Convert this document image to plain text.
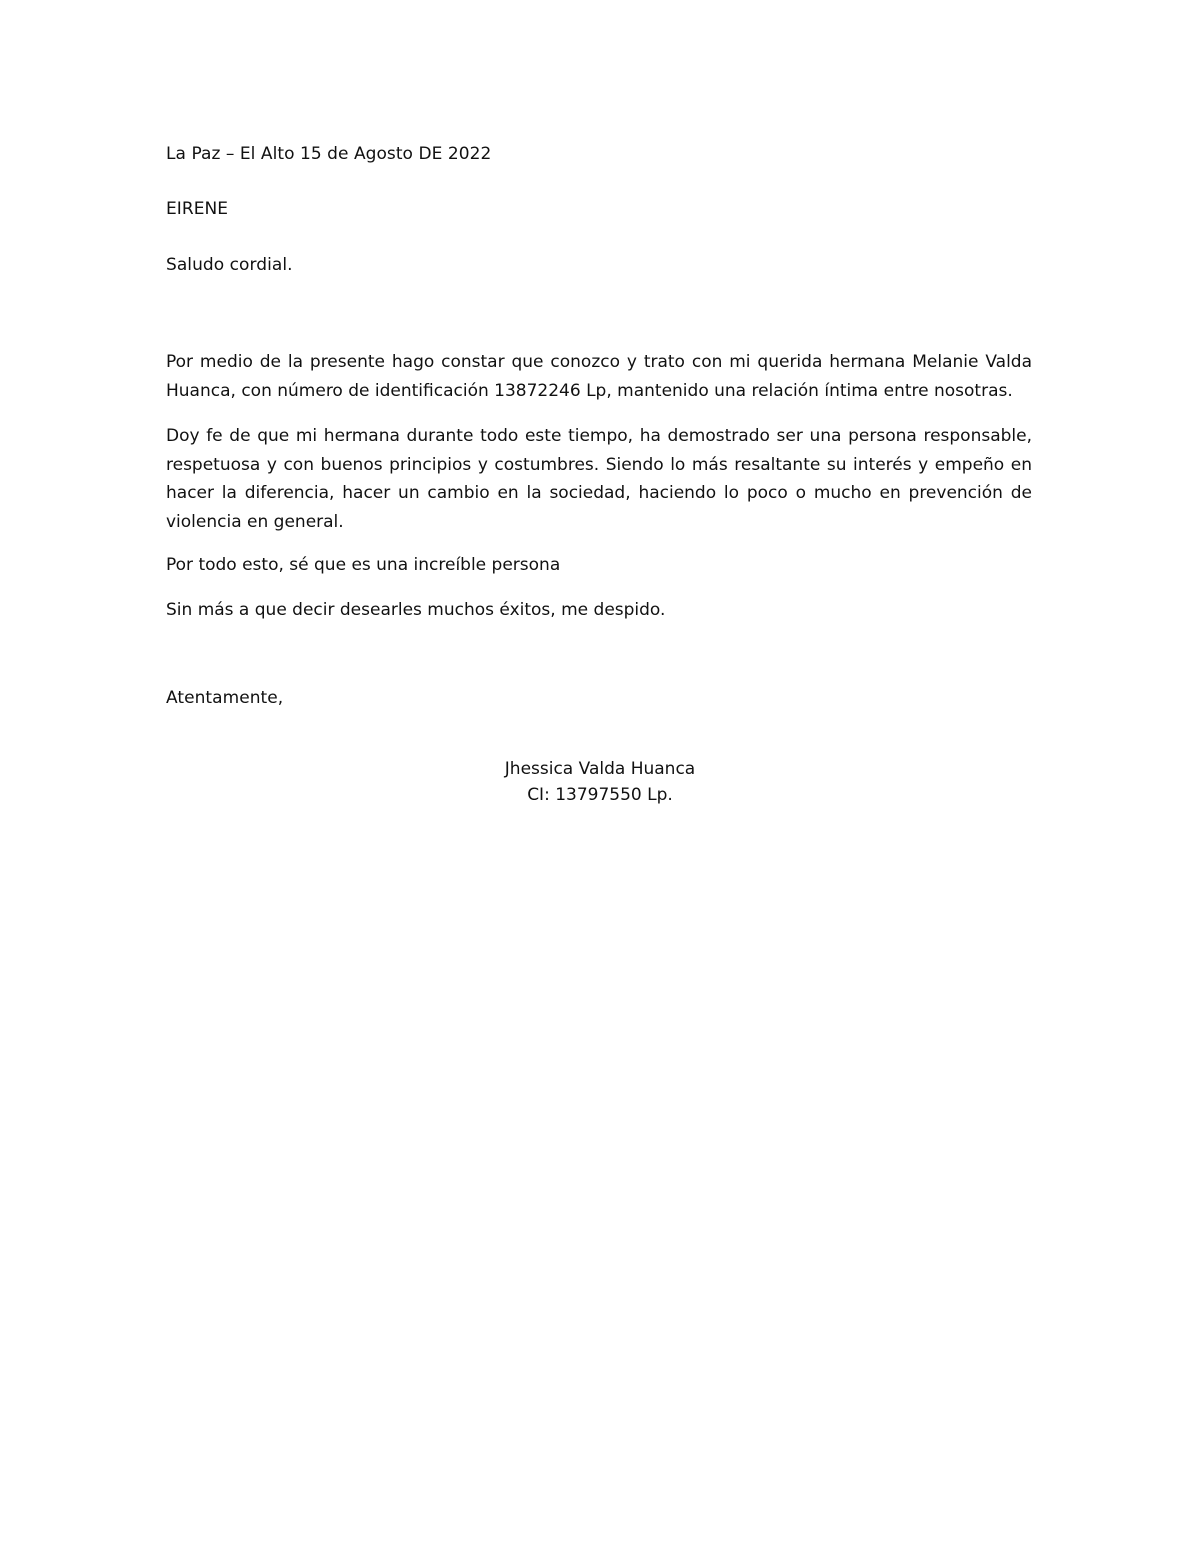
La Paz – El Alto 15 de Agosto DE 2022
EIRENE
Saludo cordial.
Por medio de la presente hago constar que conozco y trato con mi querida hermana Melanie Valda Huanca, con número de identificación 13872246 Lp, mantenido una relación íntima entre nosotras.
Doy fe de que mi hermana durante todo este tiempo, ha demostrado ser una persona responsable, respetuosa y con buenos principios y costumbres. Siendo lo más resaltante su interés y empeño en hacer la diferencia, hacer un cambio en la sociedad, haciendo lo poco o mucho en prevención de violencia en general.
Por todo esto, sé que es una increíble persona
Sin más a que decir desearles muchos éxitos, me despido.
Atentamente,
Jhessica Valda Huanca
CI: 13797550 Lp.
